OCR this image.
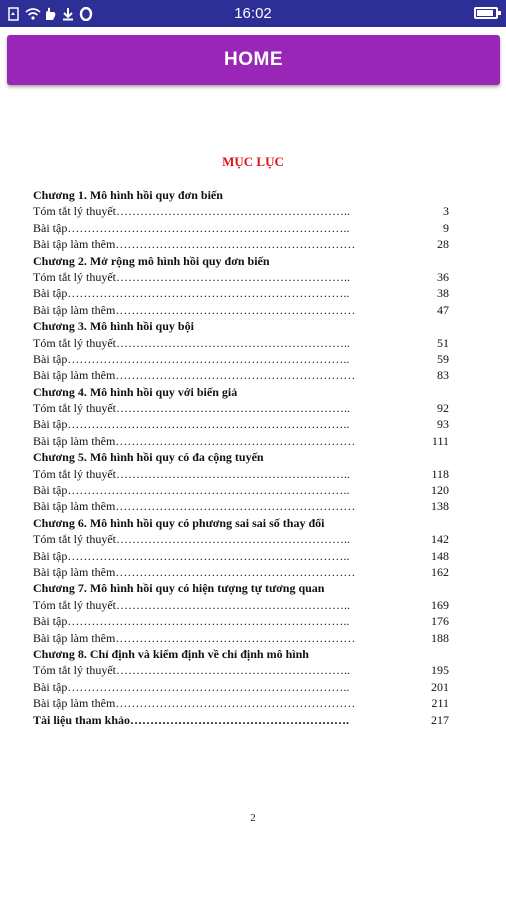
16:02
HOME
MỤC LỤC
Chương 1. Mô hình hồi quy đơn biến
Tóm tắt lý thuyết…………………………………………………..	3
Bài tập……………………………………………………………..	9
Bài tập làm thêm……………………………………………………	28
Chương 2. Mở rộng mô hình hồi quy đơn biến
Tóm tắt lý thuyết…………………………………………………..	36
Bài tập……………………………………………………………..	38
Bài tập làm thêm……………………………………………………	47
Chương 3. Mô hình hồi quy bội
Tóm tắt lý thuyết…………………………………………………..	51
Bài tập……………………………………………………………..	59
Bài tập làm thêm……………………………………………………	83
Chương 4. Mô hình hồi quy với biến giả
Tóm tắt lý thuyết…………………………………………………..	92
Bài tập……………………………………………………………..	93
Bài tập làm thêm……………………………………………………	111
Chương 5. Mô hình hồi quy có đa cộng tuyến
Tóm tắt lý thuyết…………………………………………………..	118
Bài tập……………………………………………………………..	120
Bài tập làm thêm……………………………………………………	138
Chương 6. Mô hình hồi quy có phương sai sai số thay đổi
Tóm tắt lý thuyết…………………………………………………..	142
Bài tập……………………………………………………………..	148
Bài tập làm thêm……………………………………………………	162
Chương 7. Mô hình hồi quy có hiện tượng tự tương quan
Tóm tắt lý thuyết…………………………………………………..	169
Bài tập……………………………………………………………..	176
Bài tập làm thêm……………………………………………………	188
Chương 8. Chỉ định và kiểm định về chỉ định mô hình
Tóm tắt lý thuyết…………………………………………………..	195
Bài tập……………………………………………………………..	201
Bài tập làm thêm……………………………………………………	211
Tài liệu tham khảo……………………………………………….	217
2
